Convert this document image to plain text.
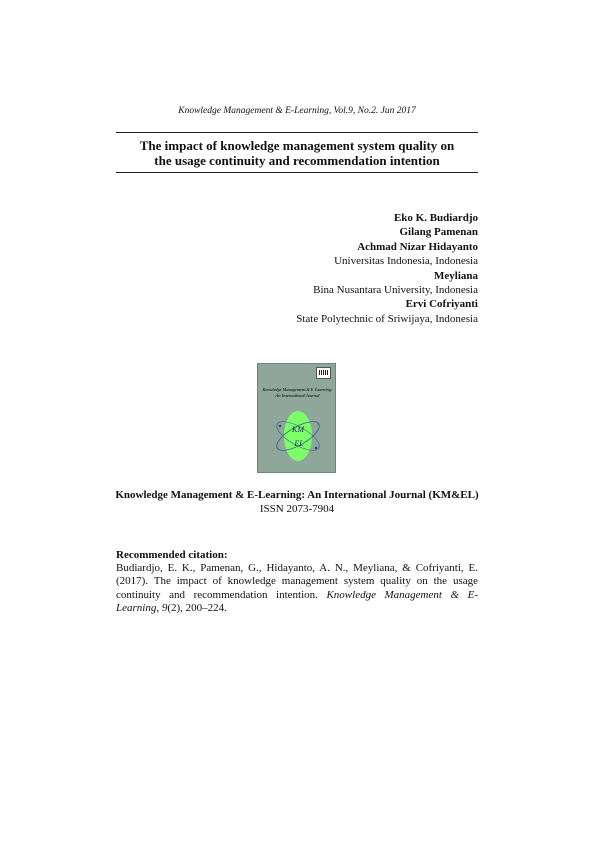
Knowledge Management & E-Learning, Vol.9, No.2. Jun 2017
The impact of knowledge management system quality on
the usage continuity and recommendation intention
Eko K. Budiardjo
Gilang Pamenan
Achmad Nizar Hidayanto
Universitas Indonesia, Indonesia
Meyliana
Bina Nusantara University, Indonesia
Ervi Cofriyanti
State Polytechnic of Sriwijaya, Indonesia
Knowledge Management & E-Learning:
An International Journal
KM
EL
Knowledge Management & E-Learning: An International Journal (KM&EL)
ISSN 2073-7904
Recommended citation:
Budiardjo, E. K., Pamenan, G., Hidayanto, A. N., Meyliana, & Cofriyanti, E. (2017). The impact of knowledge management system quality on the usage continuity and recommendation intention. Knowledge Management & E-Learning, 9(2), 200–224.
